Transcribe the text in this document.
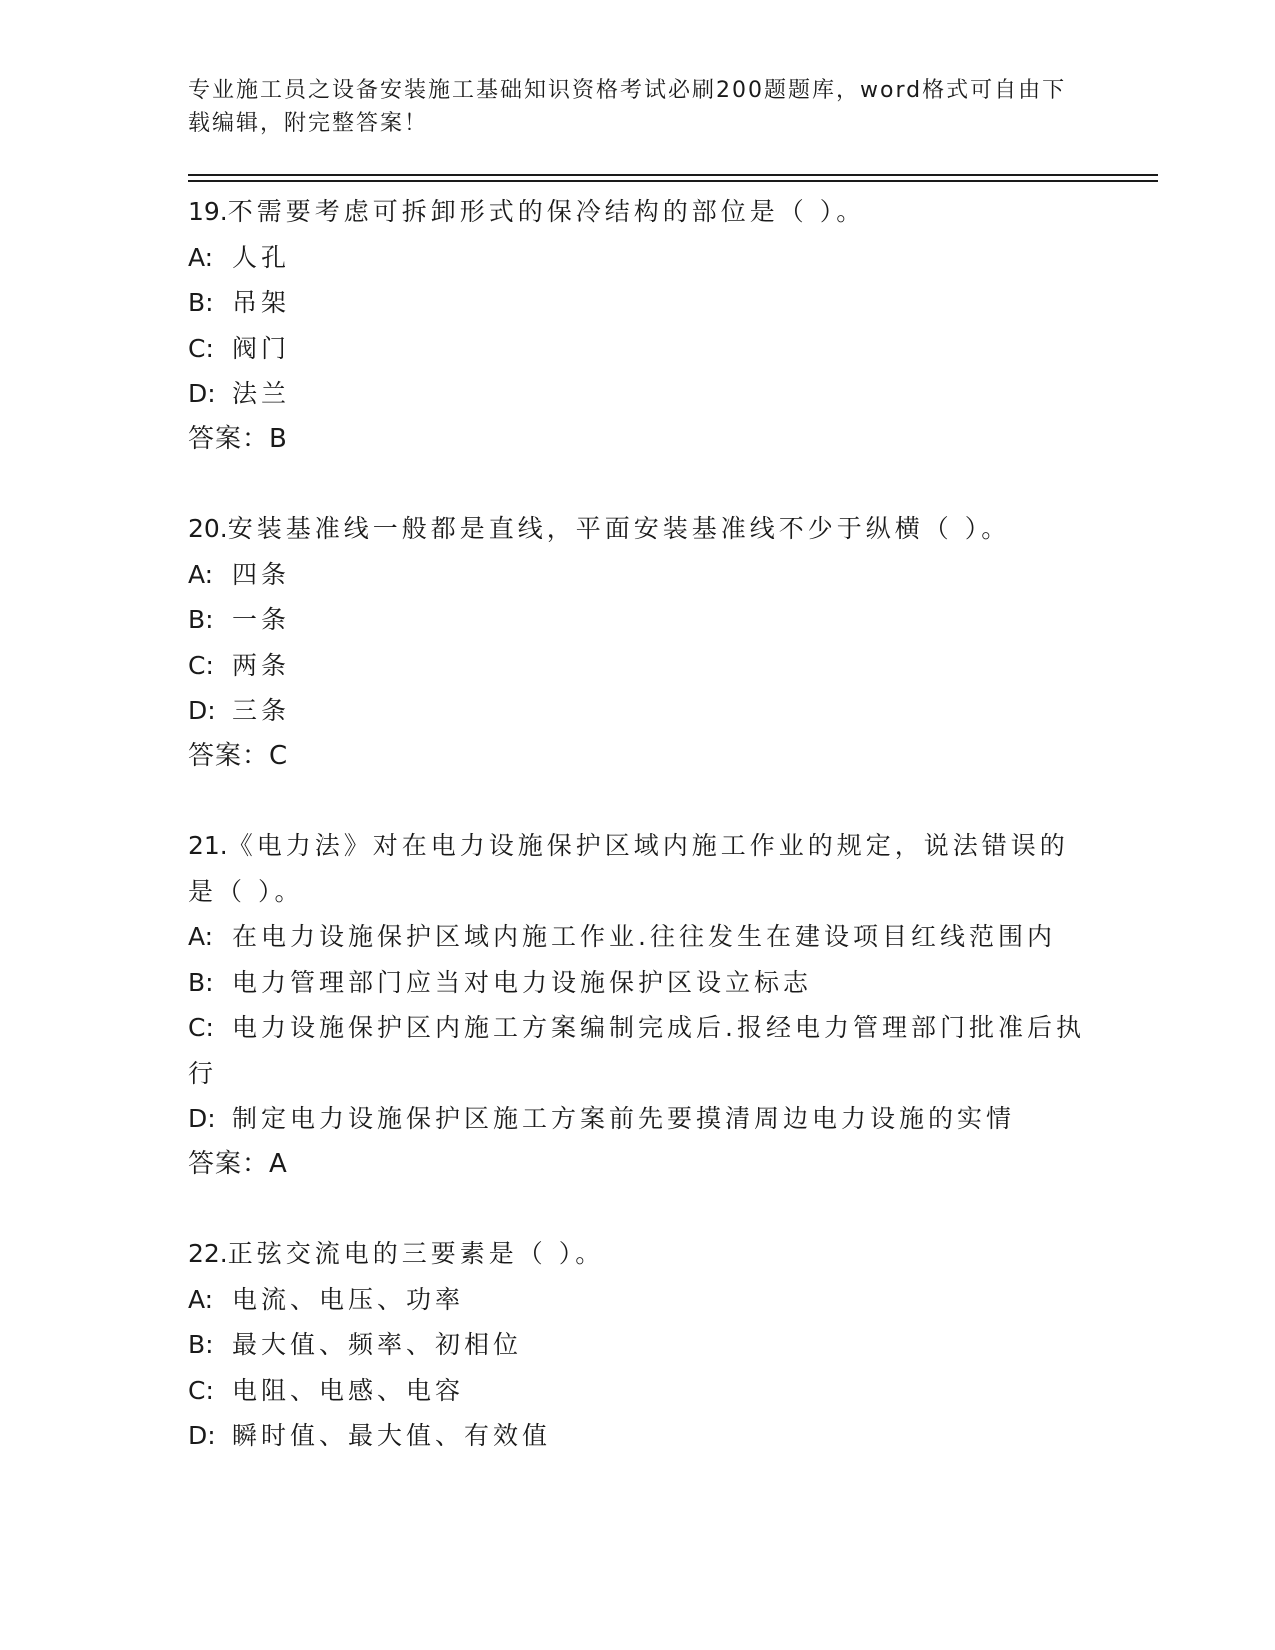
专业施工员之设备安装施工基础知识资格考试必刷200题题库，word格式可自由下载编辑，附完整答案！
19.不需要考虑可拆卸形式的保冷结构的部位是（ ）。
A: 人孔
B: 吊架
C: 阀门
D: 法兰
答案：B
20.安装基准线一般都是直线，平面安装基准线不少于纵横（ ）。
A: 四条
B: 一条
C: 两条
D: 三条
答案：C
21.《电力法》对在电力设施保护区域内施工作业的规定，说法错误的是（ ）。
A: 在电力设施保护区域内施工作业.往往发生在建设项目红线范围内
B: 电力管理部门应当对电力设施保护区设立标志
C: 电力设施保护区内施工方案编制完成后.报经电力管理部门批准后执行
D: 制定电力设施保护区施工方案前先要摸清周边电力设施的实情
答案：A
22.正弦交流电的三要素是（ ）。
A: 电流、电压、功率
B: 最大值、频率、初相位
C: 电阻、电感、电容
D: 瞬时值、最大值、有效值
